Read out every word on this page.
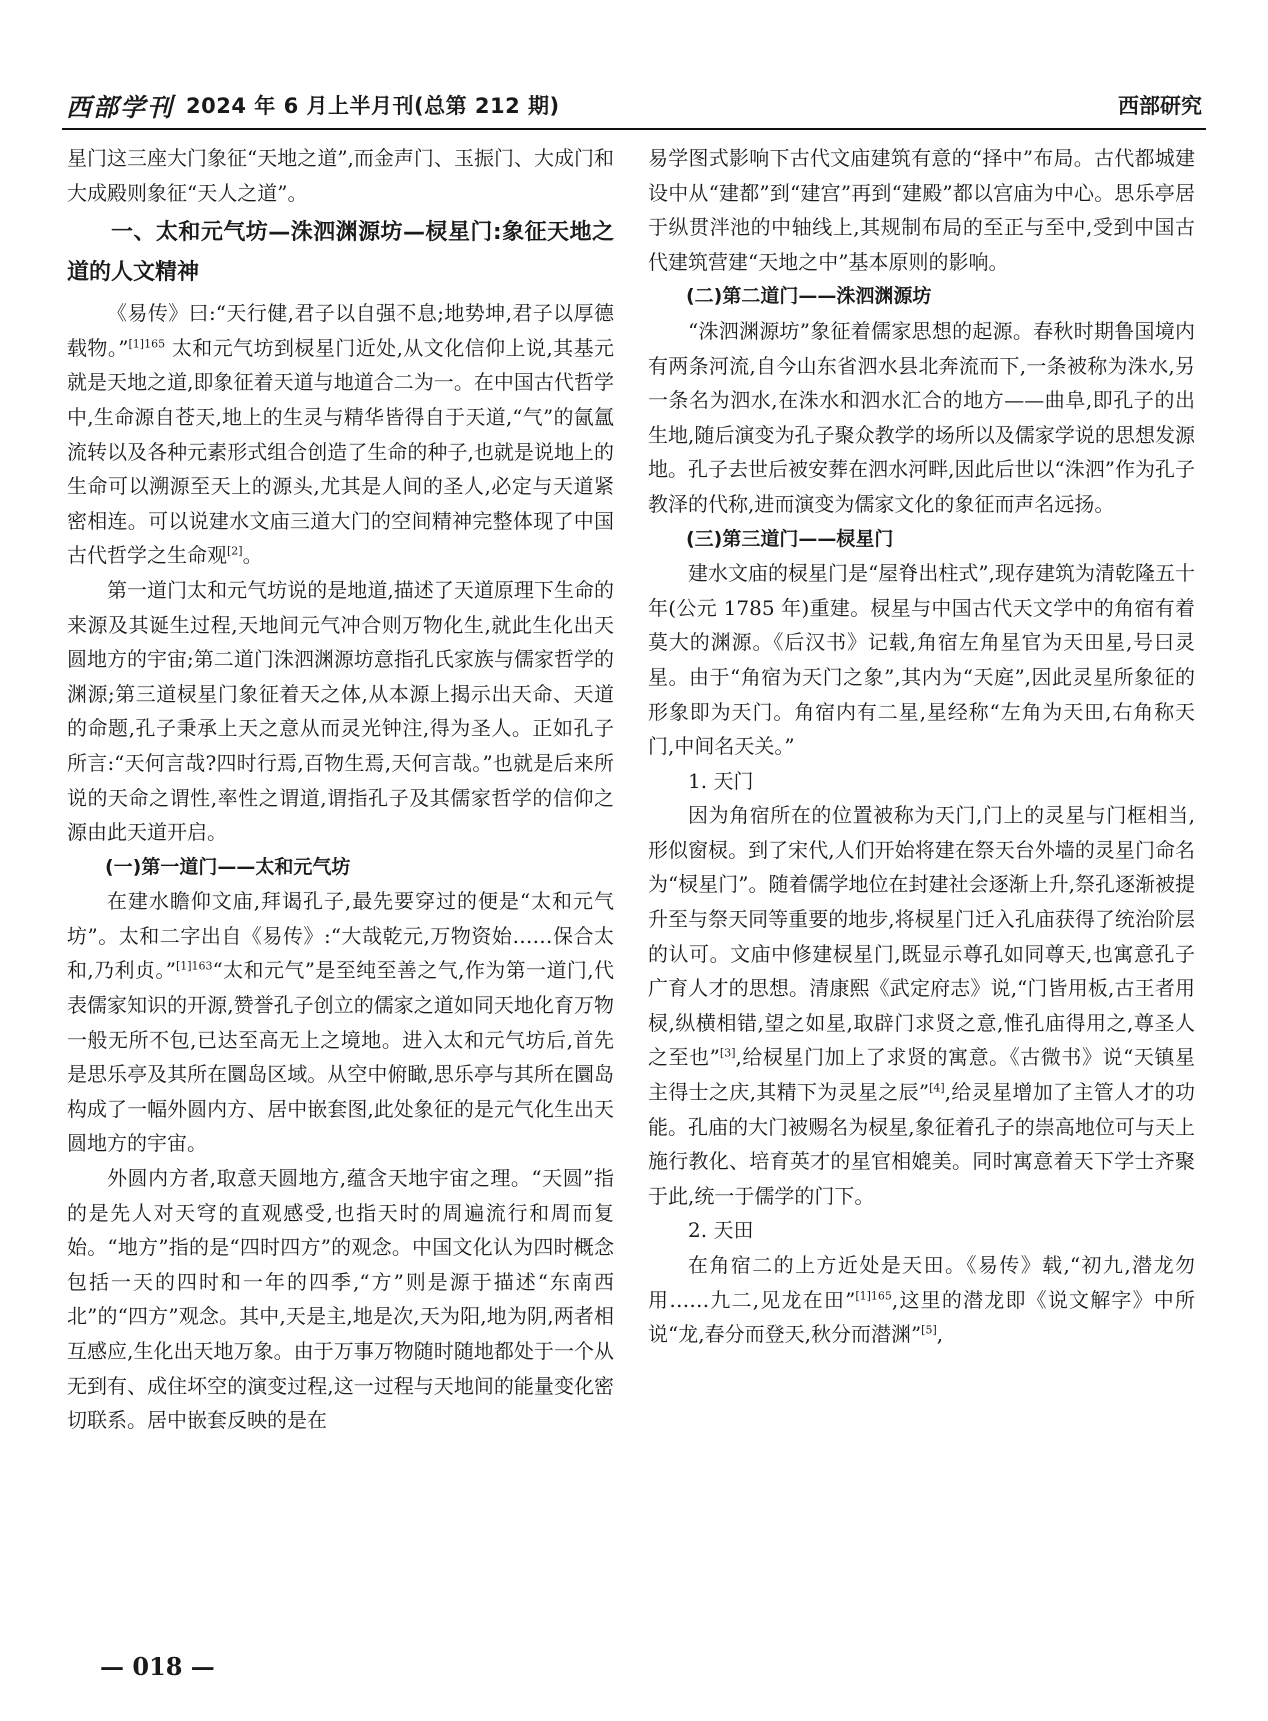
西部学刊 2024 年 6 月上半月刊(总第 212 期)	西部研究

星门这三座大门象征“天地之道”,而金声门、玉振门、大成门和大成殿则象征“天人之道”。

一、太和元气坊—洙泗渊源坊—棂星门:象征天地之道的人文精神

《易传》曰:“天行健,君子以自强不息;地势坤,君子以厚德载物。”$^{[1]165}$ 太和元气坊到棂星门近处,从文化信仰上说,其基元就是天地之道,即象征着天道与地道合二为一。在中国古代哲学中,生命源自苍天,地上的生灵与精华皆得自于天道,“气”的氤氲流转以及各种元素形式组合创造了生命的种子,也就是说地上的生命可以溯源至天上的源头,尤其是人间的圣人,必定与天道紧密相连。可以说建水文庙三道大门的空间精神完整体现了中国古代哲学之生命观[2]。

第一道门太和元气坊说的是地道,描述了天道原理下生命的来源及其诞生过程,天地间元气冲合则万物化生,就此生化出天圆地方的宇宙;第二道门洙泗渊源坊意指孔氏家族与儒家哲学的渊源;第三道棂星门象征着天之体,从本源上揭示出天命、天道的命题,孔子秉承上天之意从而灵光钟注,得为圣人。正如孔子所言:“天何言哉?四时行焉,百物生焉,天何言哉。”也就是后来所说的天命之谓性,率性之谓道,谓指孔子及其儒家哲学的信仰之源由此天道开启。

(一)第一道门——太和元气坊

在建水瞻仰文庙,拜谒孔子,最先要穿过的便是“太和元气坊”。太和二字出自《易传》:“大哉乾元,万物资始……保合太和,乃利贞。”$^{[1]163}$“太和元气”是至纯至善之气,作为第一道门,代表儒家知识的开源,赞誉孔子创立的儒家之道如同天地化育万物一般无所不包,已达至高无上之境地。进入太和元气坊后,首先是思乐亭及其所在圜岛区域。从空中俯瞰,思乐亭与其所在圜岛构成了一幅外圆内方、居中嵌套图,此处象征的是元气化生出天圆地方的宇宙。

外圆内方者,取意天圆地方,蕴含天地宇宙之理。“天圆”指的是先人对天穹的直观感受,也指天时的周遍流行和周而复始。“地方”指的是“四时四方”的观念。中国文化认为四时概念包括一天的四时和一年的四季,“方”则是源于描述“东南西北”的“四方”观念。其中,天是主,地是次,天为阳,地为阴,两者相互感应,生化出天地万象。由于万事万物随时随地都处于一个从无到有、成住坏空的演变过程,这一过程与天地间的能量变化密切联系。居中嵌套反映的是在

易学图式影响下古代文庙建筑有意的“择中”布局。古代都城建设中从“建都”到“建宫”再到“建殿”都以宫庙为中心。思乐亭居于纵贯泮池的中轴线上,其规制布局的至正与至中,受到中国古代建筑营建“天地之中”基本原则的影响。

(二)第二道门——洙泗渊源坊

“洙泗渊源坊”象征着儒家思想的起源。春秋时期鲁国境内有两条河流,自今山东省泗水县北奔流而下,一条被称为洙水,另一条名为泗水,在洙水和泗水汇合的地方——曲阜,即孔子的出生地,随后演变为孔子聚众教学的场所以及儒家学说的思想发源地。孔子去世后被安葬在泗水河畔,因此后世以“洙泗”作为孔子教泽的代称,进而演变为儒家文化的象征而声名远扬。

(三)第三道门——棂星门

建水文庙的棂星门是“屋脊出柱式”,现存建筑为清乾隆五十年(公元 1785 年)重建。棂星与中国古代天文学中的角宿有着莫大的渊源。《后汉书》记载,角宿左角星官为天田星,号曰灵星。由于“角宿为天门之象”,其内为“天庭”,因此灵星所象征的形象即为天门。角宿内有二星,星经称“左角为天田,右角称天门,中间名天关。”

1. 天门

因为角宿所在的位置被称为天门,门上的灵星与门框相当,形似窗棂。到了宋代,人们开始将建在祭天台外墙的灵星门命名为“棂星门”。随着儒学地位在封建社会逐渐上升,祭孔逐渐被提升至与祭天同等重要的地步,将棂星门迁入孔庙获得了统治阶层的认可。文庙中修建棂星门,既显示尊孔如同尊天,也寓意孔子广育人才的思想。清康熙《武定府志》说,“门皆用板,古王者用棂,纵横相错,望之如星,取辟门求贤之意,惟孔庙得用之,尊圣人之至也”[3],给棂星门加上了求贤的寓意。《古微书》说“天镇星主得士之庆,其精下为灵星之辰”[4],给灵星增加了主管人才的功能。孔庙的大门被赐名为棂星,象征着孔子的崇高地位可与天上施行教化、培育英才的星官相媲美。同时寓意着天下学士齐聚于此,统一于儒学的门下。

2. 天田

在角宿二的上方近处是天田。《易传》载,“初九,潜龙勿用……九二,见龙在田”$^{[1]165}$,这里的潜龙即《说文解字》中所说“龙,春分而登天,秋分而潜渊”[5],

— 018 —
